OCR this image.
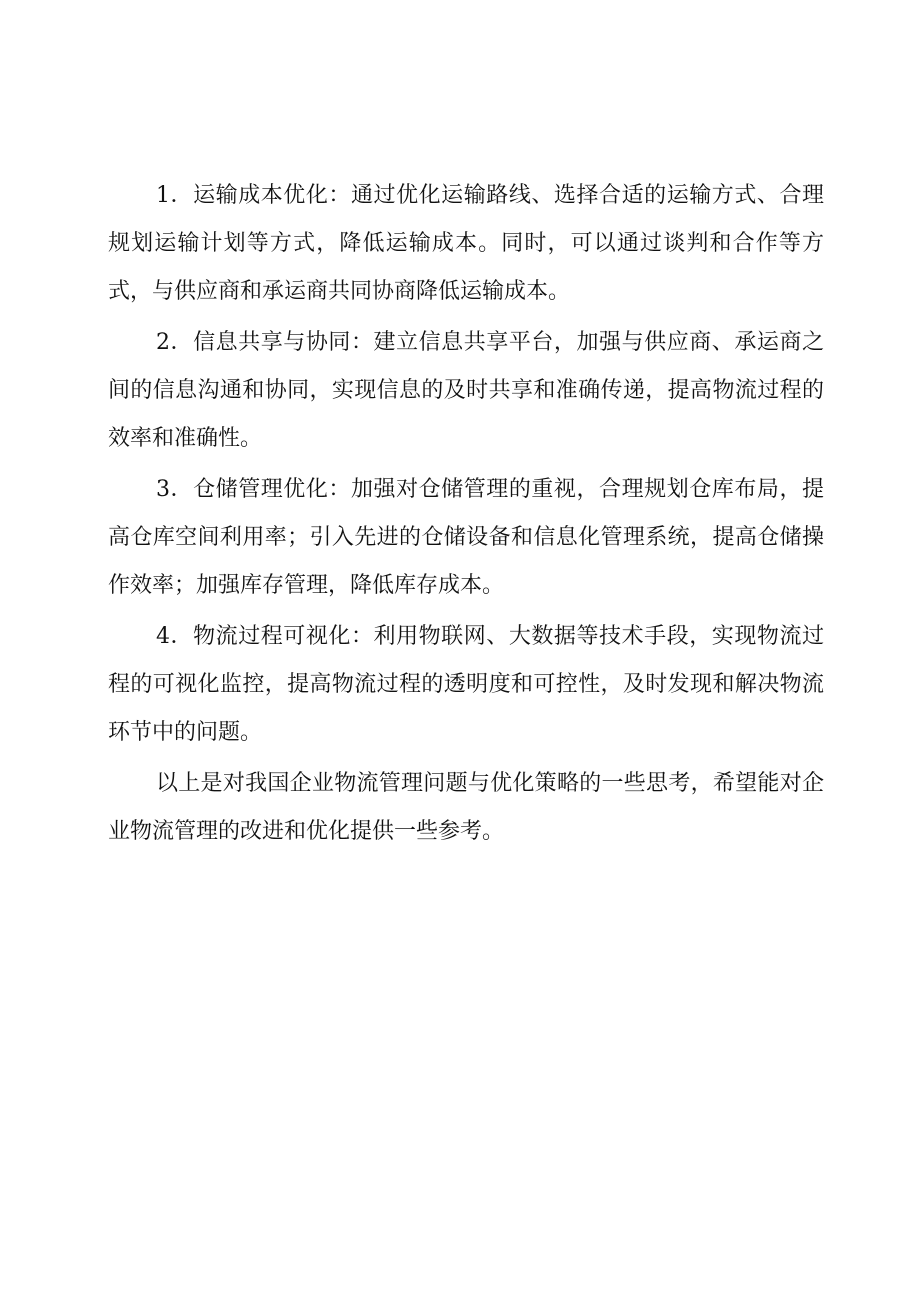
1．运输成本优化：通过优化运输路线、选择合适的运输方式、合理规划运输计划等方式，降低运输成本。同时，可以通过谈判和合作等方式，与供应商和承运商共同协商降低运输成本。

2．信息共享与协同：建立信息共享平台，加强与供应商、承运商之间的信息沟通和协同，实现信息的及时共享和准确传递，提高物流过程的效率和准确性。

3．仓储管理优化：加强对仓储管理的重视，合理规划仓库布局，提高仓库空间利用率；引入先进的仓储设备和信息化管理系统，提高仓储操作效率；加强库存管理，降低库存成本。

4．物流过程可视化：利用物联网、大数据等技术手段，实现物流过程的可视化监控，提高物流过程的透明度和可控性，及时发现和解决物流环节中的问题。

以上是对我国企业物流管理问题与优化策略的一些思考，希望能对企业物流管理的改进和优化提供一些参考。
